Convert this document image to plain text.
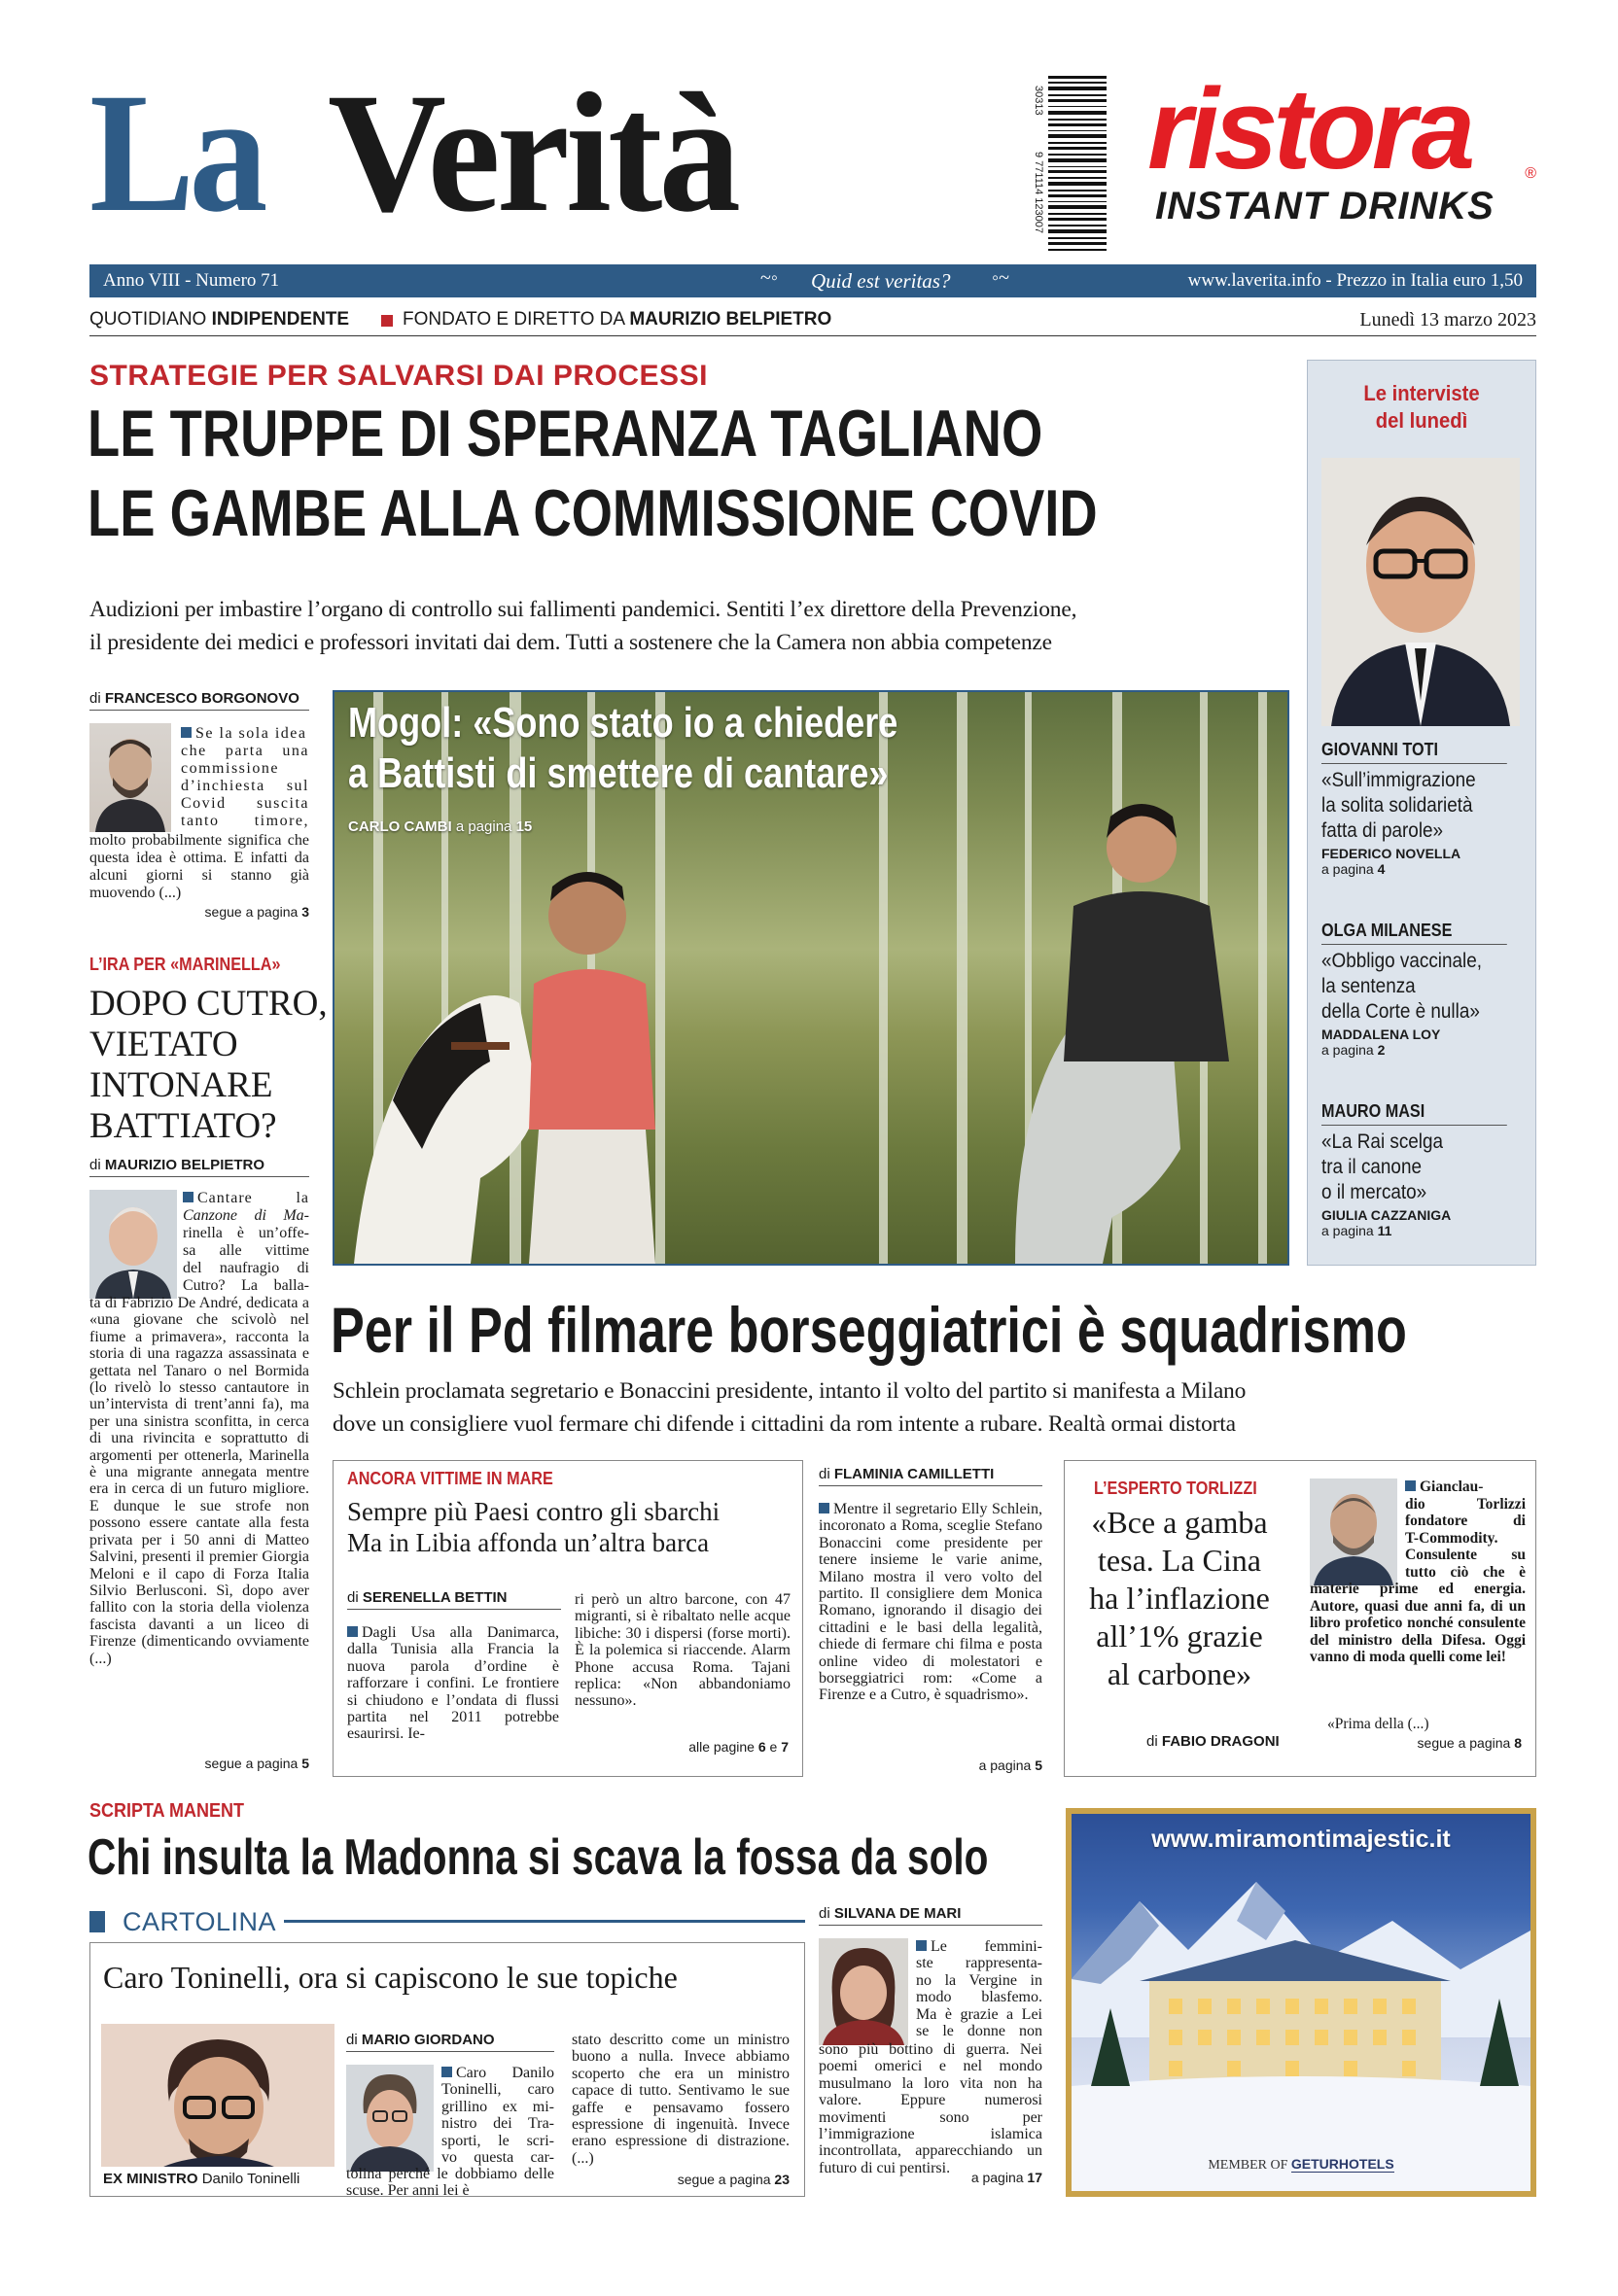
La Verità	30313
9 771114 123007 ristora	®
INSTANT DRINKS
Anno VIII - Numero 71	~◦ Quid est veritas? ◦~	www.laverita.info - Prezzo in Italia euro 1,50
QUOTIDIANO INDIPENDENTE	FONDATO E DIRETTO DA MAURIZIO BELPIETRO	Lunedì 13 marzo 2023
STRATEGIE PER SALVARSI DAI PROCESSI
LE TRUPPE DI SPERANZA TAGLIANO
LE GAMBE ALLA COMMISSIONE COVID
Audizioni per imbastire l’organo di controllo sui fallimenti pandemici. Sentiti l’ex direttore della Prevenzione,
il presidente dei medici e professori invitati dai dem. Tutti a sostenere che la Camera non abbia competenze
di FRANCESCO BORGONOVO
Se la sola idea
che parta una
commissione
d’inchiesta sul
Covid suscita
tanto timore,
molto probabilmente significa che questa idea è ottima. E infatti da alcuni giorni si stanno già muovendo (...)
segue a pagina 3
L’IRA PER «MARINELLA»
DOPO CUTRO,
VIETATO
INTONARE
BATTIATO?
di MAURIZIO BELPIETRO
Cantare la
Canzone di Ma-
rinella è un’offe-
sa alle vittime
del naufragio di
Cutro? La balla-
ta di Fabrizio De André, dedicata a «una giovane che scivolò nel fiume a primavera», racconta la storia di una ragazza assassinata e gettata nel Tanaro o nel Bormida (lo rivelò lo stesso cantautore in un’intervista di trent’anni fa), ma per una sinistra sconfitta, in cerca di una rivincita e soprattutto di argomenti per ottenerla, Marinella è una migrante annegata mentre era in cerca di un futuro migliore. E dunque le sue strofe non possono essere cantate alla festa privata per i 50 anni di Matteo Salvini, presenti il premier Giorgia Meloni e il capo di Forza Italia Silvio Berlusconi. Sì, dopo aver fallito con la storia della violenza fascista davanti a un liceo di Firenze (dimenticando ovviamente (...)
segue a pagina 5
Mogol: «Sono stato io a chiedere
a Battisti di smettere di cantare»
CARLO CAMBI a pagina 15
Le interviste
del lunedì
GIOVANNI TOTI
«Sull’immigrazione
la solita solidarietà
fatta di parole»
FEDERICO NOVELLA
a pagina 4
OLGA MILANESE
«Obbligo vaccinale,
la sentenza
della Corte è nulla»
MADDALENA LOY
a pagina 2
MAURO MASI
«La Rai scelga
tra il canone
o il mercato»
GIULIA CAZZANIGA
a pagina 11
Per il Pd filmare borseggiatrici è squadrismo
Schlein proclamata segretario e Bonaccini presidente, intanto il volto del partito si manifesta a Milano
dove un consigliere vuol fermare chi difende i cittadini da rom intente a rubare. Realtà ormai distorta
ANCORA VITTIME IN MARE
Sempre più Paesi contro gli sbarchi
Ma in Libia affonda un’altra barca
di SERENELLA BETTIN
Dagli Usa alla Danimarca, dalla Tunisia alla Francia la nuova parola d’ordine è rafforzare i confini. Le frontiere si chiudono e l’ondata di flussi partita nel 2011 potrebbe esaurirsi. Ie-
ri però un altro barcone, con 47 migranti, si è ribaltato nelle acque libiche: 30 i dispersi (forse morti). È la polemica si riaccende. Alarm Phone accusa Roma. Tajani replica: «Non abbandoniamo nessuno».
alle pagine 6 e 7
di FLAMINIA CAMILLETTI
Mentre il segretario Elly Schlein, incoronato a Roma, sceglie Stefano Bonaccini come presidente per tenere insieme le varie anime, Milano mostra il vero volto del partito. Il consigliere dem Monica Romano, ignorando il disagio dei cittadini e le basi della legalità, chiede di fermare chi filma e posta online video di molestatori e borseggiatrici rom: «Come a Firenze e a Cutro, è squadrismo».
a pagina 5
L’ESPERTO TORLIZZI
«Bce a gamba
tesa. La Cina
ha l’inflazione
all’1% grazie
al carbone»
di FABIO DRAGONI
Gianclau-
dio Torlizzi
fondatore di
T-Commodity.
Consulente su
tutto ciò che è
materie prime ed energia. Autore, quasi due anni fa, di un libro profetico nonché consulente del ministro della Difesa. Oggi vanno di moda quelli come lei!
«Prima della (...)
segue a pagina 8
SCRIPTA MANENT
Chi insulta la Madonna si scava la fossa da solo
di SILVANA DE MARI
Le femmini-
ste rappresenta-
no la Vergine in
modo blasfemo.
Ma è grazie a Lei
se le donne non
sono più bottino di guerra. Nei poemi omerici e nel mondo musulmano la loro vita non ha valore. Eppure numerosi movimenti sono per l’immigrazione islamica incontrollata, apparecchiando un futuro di cui pentirsi.
a pagina 17
CARTOLINA
Caro Toninelli, ora si capiscono le sue topiche
EX MINISTRO Danilo Toninelli
di MARIO GIORDANO
Caro Danilo
Toninelli, caro
grillino ex mi-
nistro dei Tra-
sporti, le scri-
vo questa car-
tolina perché le dobbiamo delle scuse. Per anni lei è
stato descritto come un ministro buono a nulla. Invece abbiamo scoperto che era un ministro capace di tutto. Sentivamo le sue gaffe e pensavamo fossero espressione di ingenuità. Invece erano espressione di distrazione. (...)
segue a pagina 23
www.miramontimajestic.it
MEMBER OF GETURHOTELS
